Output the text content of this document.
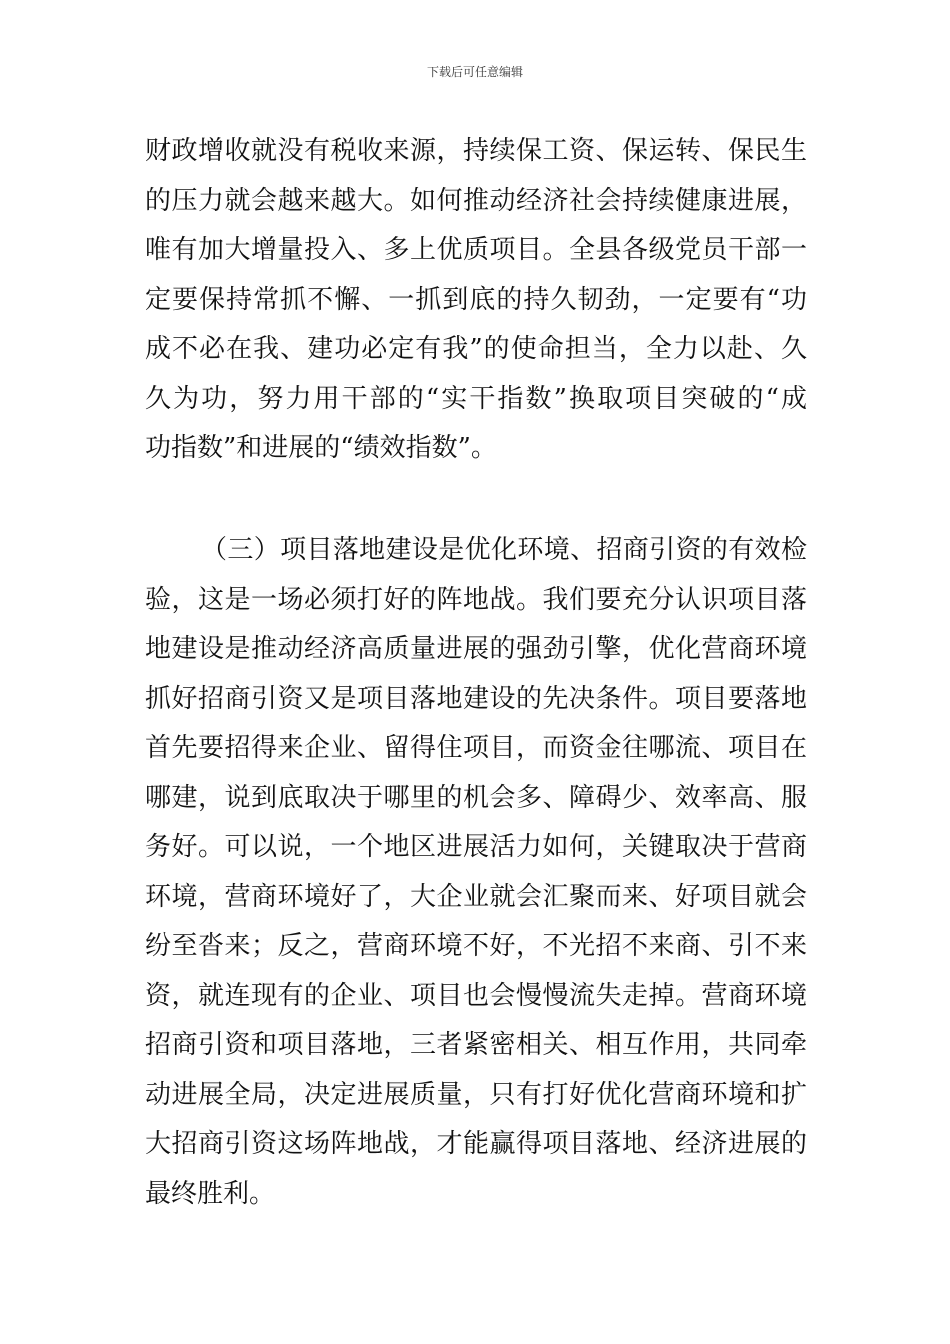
下载后可任意编辑
财政增收就没有税收来源，持续保工资、保运转、保民生
的压力就会越来越大。如何推动经济社会持续健康进展，
唯有加大增量投入、多上优质项目。全县各级党员干部一
定要保持常抓不懈、一抓到底的持久韧劲，一定要有“功
成不必在我、建功必定有我”的使命担当，全力以赴、久
久为功，努力用干部的“实干指数”换取项目突破的“成
功指数”和进展的“绩效指数”。
（三）项目落地建设是优化环境、招商引资的有效检
验，这是一场必须打好的阵地战。我们要充分认识项目落
地建设是推动经济高质量进展的强劲引擎，优化营商环境
抓好招商引资又是项目落地建设的先决条件。项目要落地
首先要招得来企业、留得住项目，而资金往哪流、项目在
哪建，说到底取决于哪里的机会多、障碍少、效率高、服
务好。可以说，一个地区进展活力如何，关键取决于营商
环境，营商环境好了，大企业就会汇聚而来、好项目就会
纷至沓来；反之，营商环境不好，不光招不来商、引不来
资，就连现有的企业、项目也会慢慢流失走掉。营商环境
招商引资和项目落地，三者紧密相关、相互作用，共同牵
动进展全局，决定进展质量，只有打好优化营商环境和扩
大招商引资这场阵地战，才能赢得项目落地、经济进展的
最终胜利。
